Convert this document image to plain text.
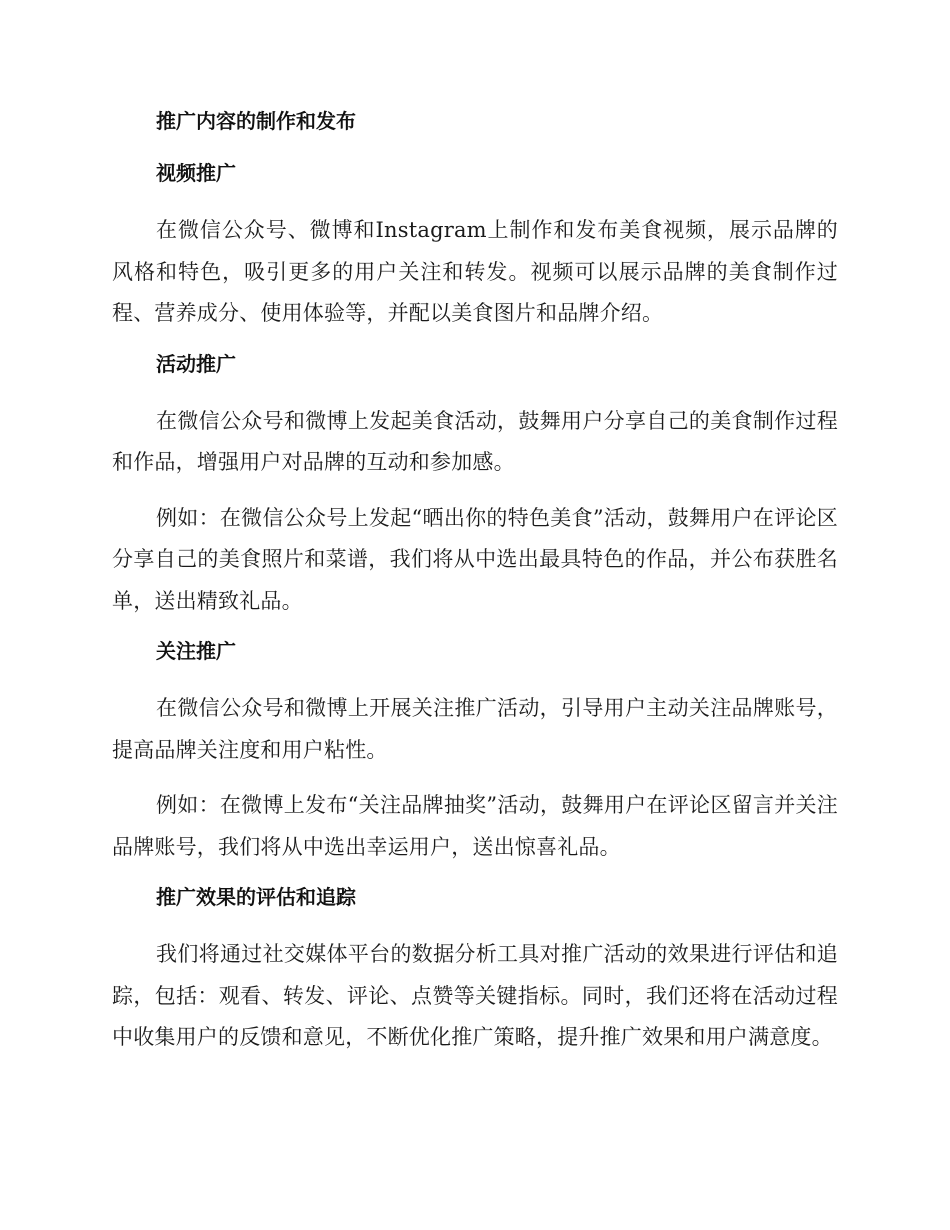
推广内容的制作和发布
视频推广

在微信公众号、微博和Instagram上制作和发布美食视频，展示品牌的风格和特色，吸引更多的用户关注和转发。视频可以展示品牌的美食制作过程、营养成分、使用体验等，并配以美食图片和品牌介绍。

活动推广

在微信公众号和微博上发起美食活动，鼓舞用户分享自己的美食制作过程和作品，增强用户对品牌的互动和参加感。

例如：在微信公众号上发起“晒出你的特色美食”活动，鼓舞用户在评论区分享自己的美食照片和菜谱，我们将从中选出最具特色的作品，并公布获胜名单，送出精致礼品。

关注推广

在微信公众号和微博上开展关注推广活动，引导用户主动关注品牌账号，提高品牌关注度和用户粘性。

例如：在微博上发布“关注品牌抽奖”活动，鼓舞用户在评论区留言并关注品牌账号，我们将从中选出幸运用户，送出惊喜礼品。

推广效果的评估和追踪

我们将通过社交媒体平台的数据分析工具对推广活动的效果进行评估和追踪，包括：观看、转发、评论、点赞等关键指标。同时，我们还将在活动过程中收集用户的反馈和意见，不断优化推广策略，提升推广效果和用户满意度。
